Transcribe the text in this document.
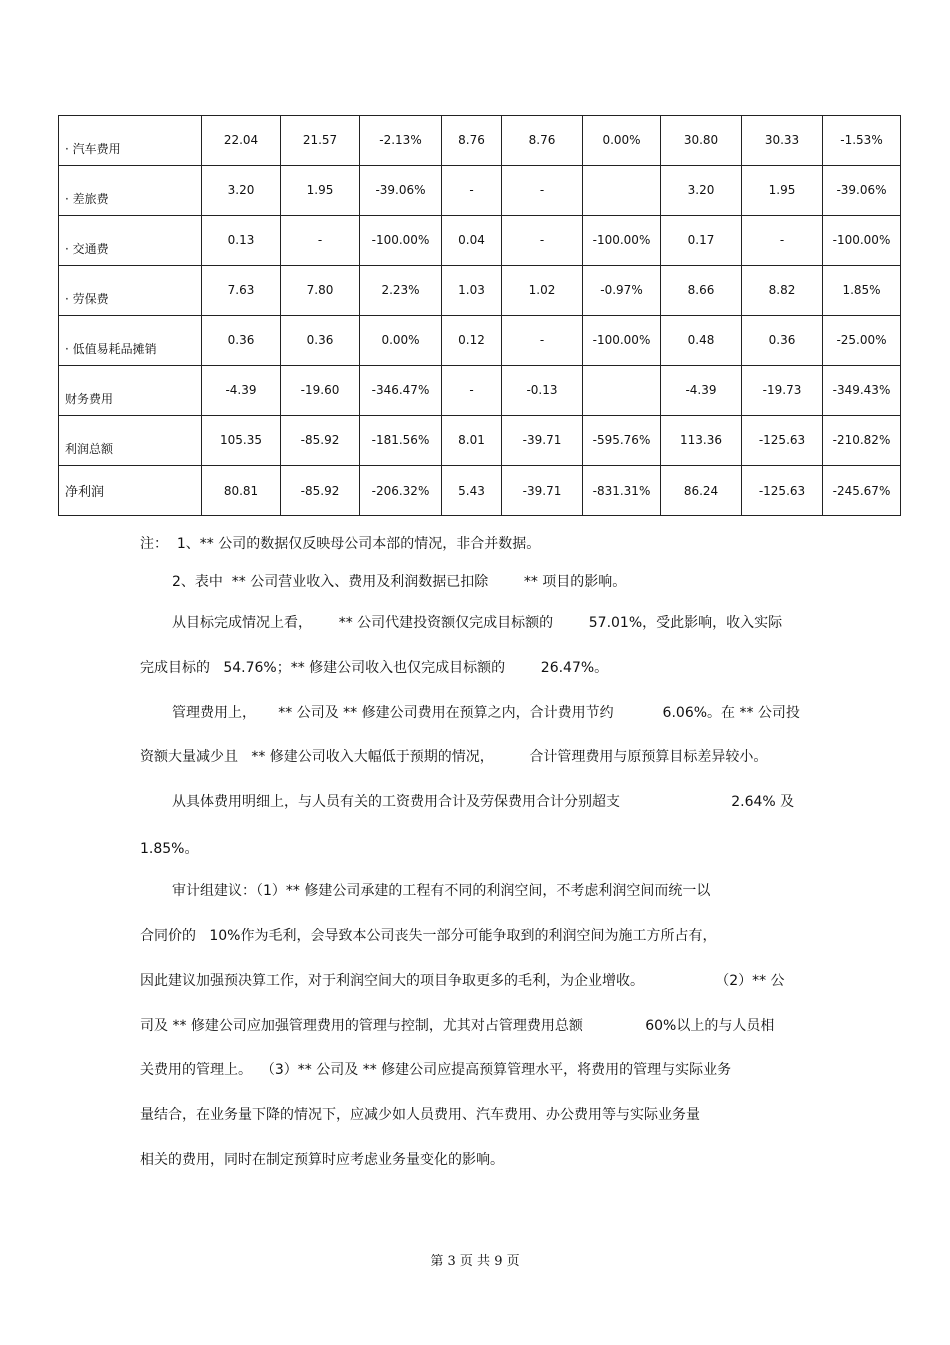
· 汽车费用	22.04	21.57	-2.13%	8.76	8.76	0.00%	30.80	30.33	-1.53%
· 差旅费	3.20	1.95	-39.06%	-	-		3.20	1.95	-39.06%
· 交通费	0.13	-	-100.00%	0.04	-	-100.00%	0.17	-	-100.00%
· 劳保费	7.63	7.80	2.23%	1.03	1.02	-0.97%	8.66	8.82	1.85%
· 低值易耗品摊销	0.36	0.36	0.00%	0.12	-	-100.00%	0.48	0.36	-25.00%
财务费用	-4.39	-19.60	-346.47%	-	-0.13		-4.39	-19.73	-349.43%
利润总额	105.35	-85.92	-181.56%	8.01	-39.71	-595.76%	113.36	-125.63	-210.82%
净利润	80.81	-85.92	-206.32%	5.43	-39.71	-831.31%	86.24	-125.63	-245.67%
注：  1、** 公司的数据仅反映母公司本部的情况，非合并数据。
2、表中  ** 公司营业收入、费用及利润数据已扣除        ** 项目的影响。
从目标完成情况上看，      ** 公司代建投资额仅完成目标额的        57.01%，受此影响，收入实际
完成目标的   54.76%；** 修建公司收入也仅完成目标额的        26.47%。
管理费用上，     ** 公司及 ** 修建公司费用在预算之内，合计费用节约           6.06%。在 ** 公司投
资额大量减少且   ** 修建公司收入大幅低于预期的情况，        合计管理费用与原预算目标差异较小。
从具体费用明细上，与人员有关的工资费用合计及劳保费用合计分别超支                         2.64% 及
1.85%。
审计组建议：（1）** 修建公司承建的工程有不同的利润空间，不考虑利润空间而统一以
合同价的   10%作为毛利，会导致本公司丧失一部分可能争取到的利润空间为施工方所占有，
因此建议加强预决算工作，对于利润空间大的项目争取更多的毛利，为企业增收。                （2）** 公
司及 ** 修建公司应加强管理费用的管理与控制，尤其对占管理费用总额              60%以上的与人员相
关费用的管理上。  （3）** 公司及 ** 修建公司应提高预算管理水平，将费用的管理与实际业务
量结合，在业务量下降的情况下，应减少如人员费用、汽车费用、办公费用等与实际业务量
相关的费用，同时在制定预算时应考虑业务量变化的影响。
第 3 页 共 9 页
